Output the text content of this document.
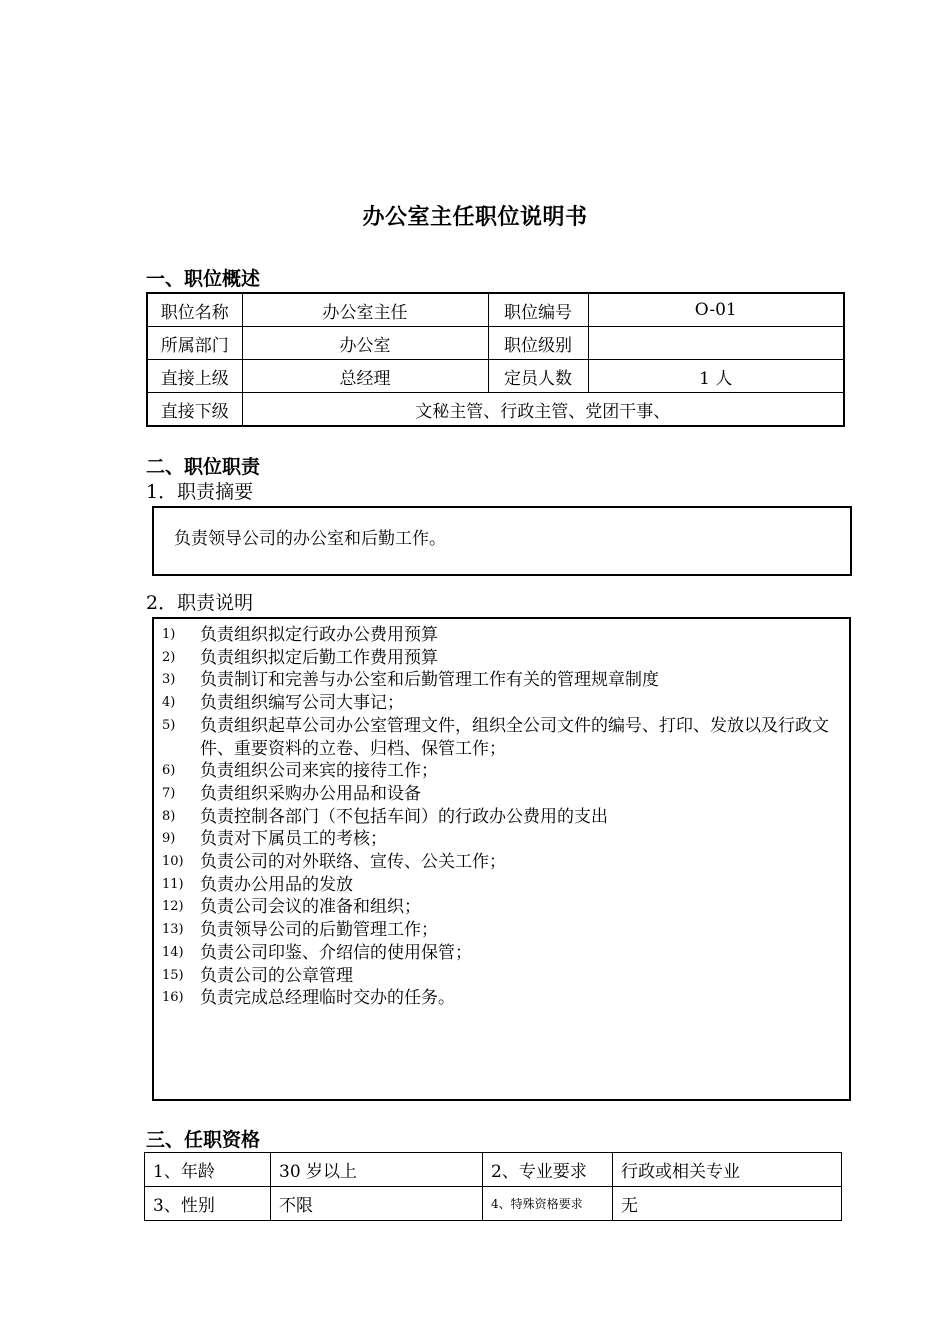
办公室主任职位说明书
一、职位概述
职位名称	办公室主任	职位编号	O-01
所属部门	办公室	职位级别	
直接上级	总经理	定员人数	1 人
直接下级	文秘主管、行政主管、党团干事、		
二、职位职责
1．职责摘要
负责领导公司的办公室和后勤工作。
2．职责说明
1)	负责组织拟定行政办公费用预算
2)	负责组织拟定后勤工作费用预算
3)	负责制订和完善与办公室和后勤管理工作有关的管理规章制度
4)	负责组织编写公司大事记；
5)	负责组织起草公司办公室管理文件，组织全公司文件的编号、打印、发放以及行政文件、重要资料的立卷、归档、保管工作；
6)	负责组织公司来宾的接待工作；
7)	负责组织采购办公用品和设备
8)	负责控制各部门（不包括车间）的行政办公费用的支出
9)	负责对下属员工的考核；
10) 负责公司的对外联络、宣传、公关工作；
11) 负责办公用品的发放
12) 负责公司会议的准备和组织；
13) 负责领导公司的后勤管理工作；
14) 负责公司印鉴、介绍信的使用保管；
15) 负责公司的公章管理
16) 负责完成总经理临时交办的任务。
三、任职资格
1、年龄	30 岁以上	2、专业要求	行政或相关专业
3、性别	不限	4、特殊资格要求	无
